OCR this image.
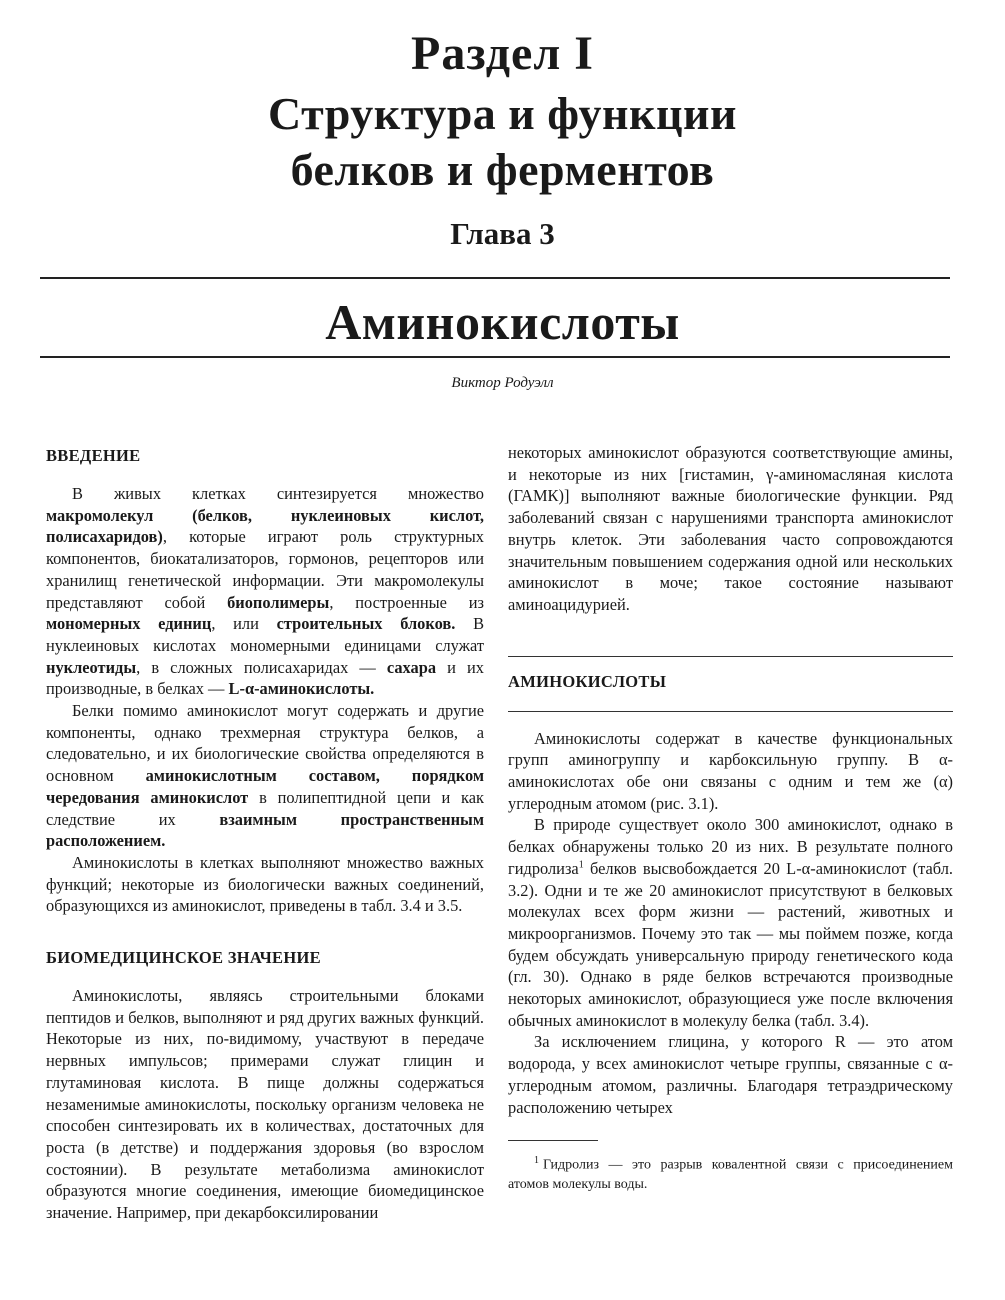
Раздел I
Структура и функции
белков и ферментов
Глава 3
Аминокислоты
Виктор Родуэлл
ВВЕДЕНИЕ

В живых клетках синтезируется множество макромолекул (белков, нуклеиновых кислот, полисахаридов), которые играют роль структурных компонентов, биокатализаторов, гормонов, рецепторов или хранилищ генетической информации. Эти макромолекулы представляют собой биополимеры, построенные из мономерных единиц, или строительных блоков. В нуклеиновых кислотах мономерными единицами служат нуклеотиды, в сложных полисахаридах — сахара и их производные, в белках — L-α-аминокислоты.

Белки помимо аминокислот могут содержать и другие компоненты, однако трехмерная структура белков, а следовательно, и их биологические свойства определяются в основном аминокислотным составом, порядком чередования аминокислот в полипептидной цепи и как следствие их взаимным пространственным расположением.

Аминокислоты в клетках выполняют множество важных функций; некоторые из биологически важных соединений, образующихся из аминокислот, приведены в табл. 3.4 и 3.5.

БИОМЕДИЦИНСКОЕ ЗНАЧЕНИЕ

Аминокислоты, являясь строительными блоками пептидов и белков, выполняют и ряд других важных функций. Некоторые из них, по-видимому, участвуют в передаче нервных импульсов; примерами служат глицин и глутаминовая кислота. В пище должны содержаться незаменимые аминокислоты, поскольку организм человека не способен синтезировать их в количествах, достаточных для роста (в детстве) и поддержания здоровья (во взрослом состоянии). В результате метаболизма аминокислот образуются многие соединения, имеющие биомедицинское значение. Например, при декарбоксилировании

некоторых аминокислот образуются соответствующие амины, и некоторые из них [гистамин, γ-аминомасляная кислота (ГАМК)] выполняют важные биологические функции. Ряд заболеваний связан с нарушениями транспорта аминокислот внутрь клеток. Эти заболевания часто сопровождаются значительным повышением содержания одной или нескольких аминокислот в моче; такое состояние называют аминоацидурией.

АМИНОКИСЛОТЫ

Аминокислоты содержат в качестве функциональных групп аминогруппу и карбоксильную группу. В α-аминокислотах обе они связаны с одним и тем же (α) углеродным атомом (рис. 3.1).

В природе существует около 300 аминокислот, однако в белках обнаружены только 20 из них. В результате полного гидролиза$^1$ белков высвобождается 20 L-α-аминокислот (табл. 3.2). Одни и те же 20 аминокислот присутствуют в белковых молекулах всех форм жизни — растений, животных и микроорганизмов. Почему это так — мы поймем позже, когда будем обсуждать универсальную природу генетического кода (гл. 30). Однако в ряде белков встречаются производные некоторых аминокислот, образующиеся уже после включения обычных аминокислот в молекулу белка (табл. 3.4).

За исключением глицина, у которого R — это атом водорода, у всех аминокислот четыре группы, связанные с α-углеродным атомом, различны. Благодаря тетраэдрическому расположению четырех

$^1$ Гидролиз — это разрыв ковалентной связи с присоединением атомов молекулы воды.
